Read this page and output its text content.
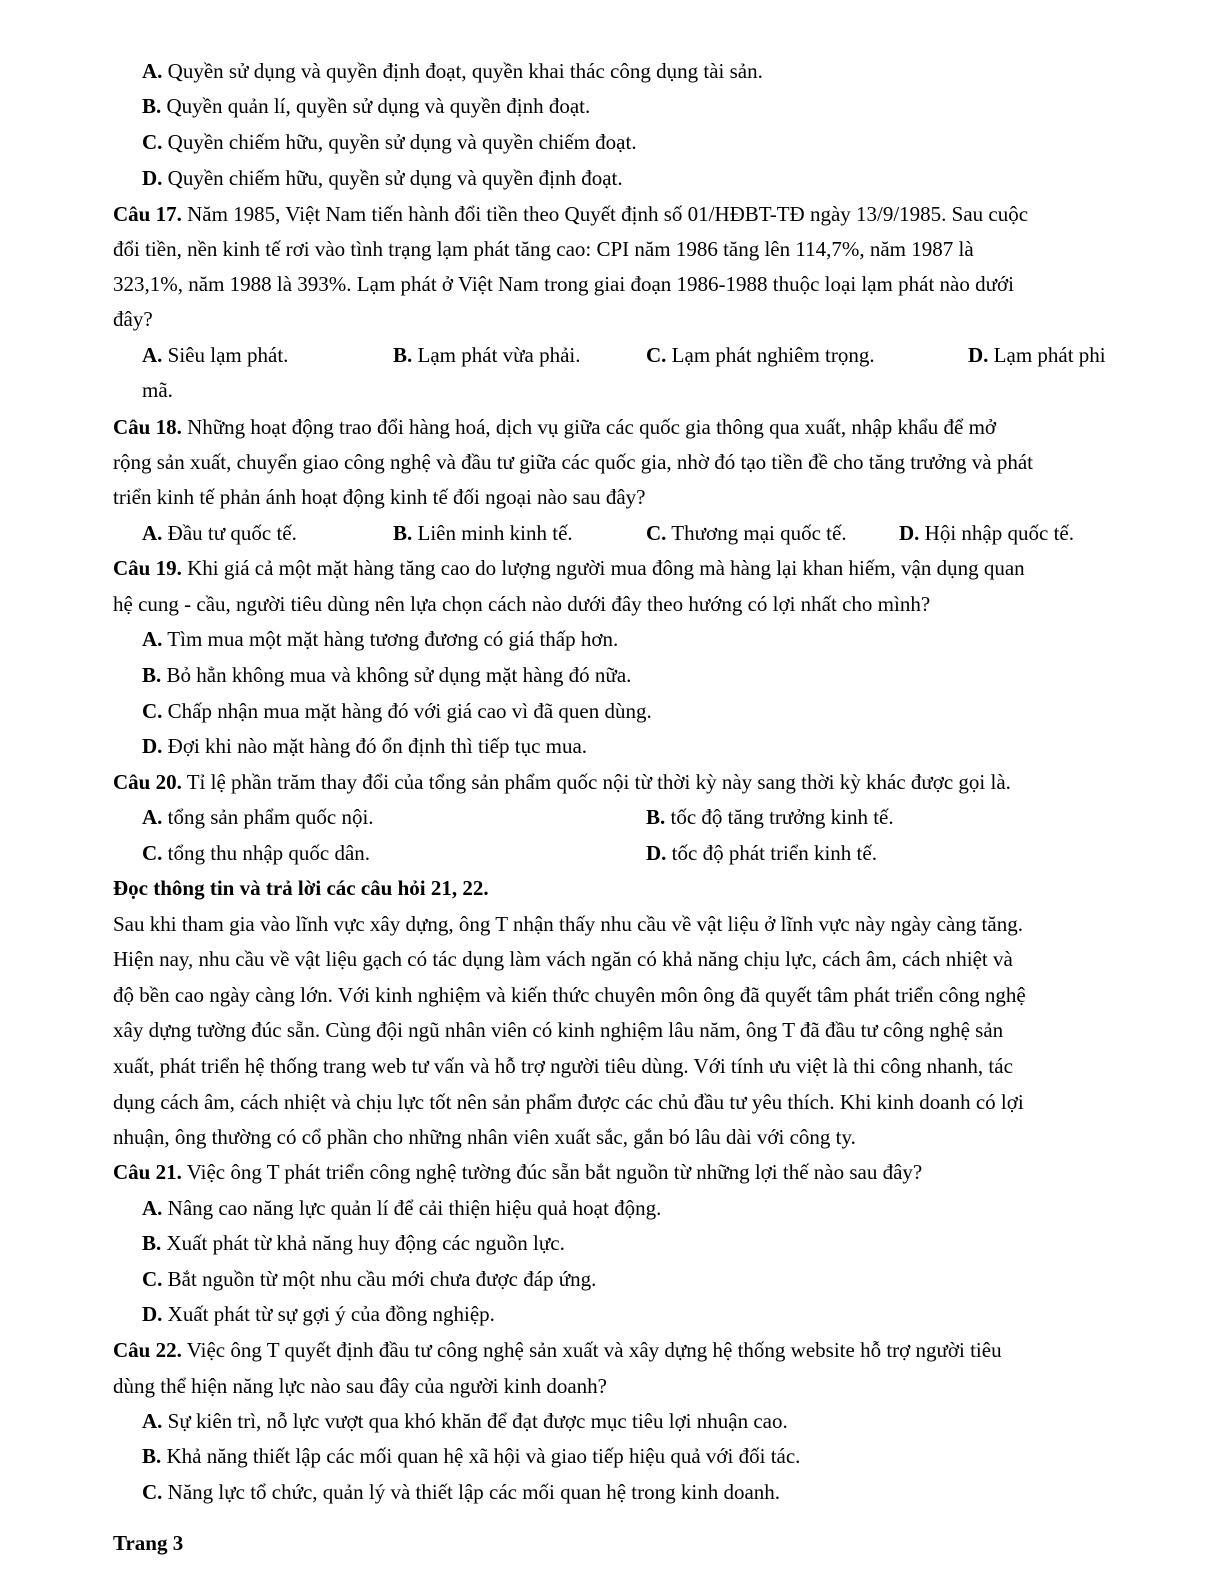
A. Quyền sử dụng và quyền định đoạt, quyền khai thác công dụng tài sản.
B. Quyền quản lí, quyền sử dụng và quyền định đoạt.
C. Quyền chiếm hữu, quyền sử dụng và quyền chiếm đoạt.
D. Quyền chiếm hữu, quyền sử dụng và quyền định đoạt.
Câu 17. Năm 1985, Việt Nam tiến hành đổi tiền theo Quyết định số 01/HĐBT-TĐ ngày 13/9/1985. Sau cuộc
đổi tiền, nền kinh tế rơi vào tình trạng lạm phát tăng cao: CPI năm 1986 tăng lên 114,7%, năm 1987 là
323,1%, năm 1988 là 393%. Lạm phát ở Việt Nam trong giai đoạn 1986-1988 thuộc loại lạm phát nào dưới
đây?
A. Siêu lạm phát.	B. Lạm phát vừa phải.	C. Lạm phát nghiêm trọng.	D. Lạm phát phi
mã.
Câu 18. Những hoạt động trao đổi hàng hoá, dịch vụ giữa các quốc gia thông qua xuất, nhập khẩu để mở
rộng sản xuất, chuyển giao công nghệ và đầu tư giữa các quốc gia, nhờ đó tạo tiền đề cho tăng trưởng và phát
triển kinh tế phản ánh hoạt động kinh tế đối ngoại nào sau đây?
A. Đầu tư quốc tế.	B. Liên minh kinh tế.	C. Thương mại quốc tế. D. Hội nhập quốc tế.
Câu 19. Khi giá cả một mặt hàng tăng cao do lượng người mua đông mà hàng lại khan hiếm, vận dụng quan
hệ cung - cầu, người tiêu dùng nên lựa chọn cách nào dưới đây theo hướng có lợi nhất cho mình?
A. Tìm mua một mặt hàng tương đương có giá thấp hơn.
B. Bỏ hẳn không mua và không sử dụng mặt hàng đó nữa.
C. Chấp nhận mua mặt hàng đó với giá cao vì đã quen dùng.
D. Đợi khi nào mặt hàng đó ổn định thì tiếp tục mua.
Câu 20. Tỉ lệ phần trăm thay đổi của tổng sản phẩm quốc nội từ thời kỳ này sang thời kỳ khác được gọi là.
A. tổng sản phẩm quốc nội.	B. tốc độ tăng trưởng kinh tế.
C. tổng thu nhập quốc dân.	D. tốc độ phát triển kinh tế.
Đọc thông tin và trả lời các câu hỏi 21, 22.
Sau khi tham gia vào lĩnh vực xây dựng, ông T nhận thấy nhu cầu về vật liệu ở lĩnh vực này ngày càng tăng.
Hiện nay, nhu cầu về vật liệu gạch có tác dụng làm vách ngăn có khả năng chịu lực, cách âm, cách nhiệt và
độ bền cao ngày càng lớn. Với kinh nghiệm và kiến thức chuyên môn ông đã quyết tâm phát triển công nghệ
xây dựng tường đúc sẵn. Cùng đội ngũ nhân viên có kinh nghiệm lâu năm, ông T đã đầu tư công nghệ sản
xuất, phát triển hệ thống trang web tư vấn và hỗ trợ người tiêu dùng. Với tính ưu việt là thi công nhanh, tác
dụng cách âm, cách nhiệt và chịu lực tốt nên sản phẩm được các chủ đầu tư yêu thích. Khi kinh doanh có lợi
nhuận, ông thường có cổ phần cho những nhân viên xuất sắc, gắn bó lâu dài với công ty.
Câu 21. Việc ông T phát triển công nghệ tường đúc sẵn bắt nguồn từ những lợi thế nào sau đây?
A. Nâng cao năng lực quản lí để cải thiện hiệu quả hoạt động.
B. Xuất phát từ khả năng huy động các nguồn lực.
C. Bắt nguồn từ một nhu cầu mới chưa được đáp ứng.
D. Xuất phát từ sự gợi ý của đồng nghiệp.
Câu 22. Việc ông T quyết định đầu tư công nghệ sản xuất và xây dựng hệ thống website hỗ trợ người tiêu
dùng thể hiện năng lực nào sau đây của người kinh doanh?
A. Sự kiên trì, nỗ lực vượt qua khó khăn để đạt được mục tiêu lợi nhuận cao.
B. Khả năng thiết lập các mối quan hệ xã hội và giao tiếp hiệu quả với đối tác.
C. Năng lực tổ chức, quản lý và thiết lập các mối quan hệ trong kinh doanh.
Trang 3
